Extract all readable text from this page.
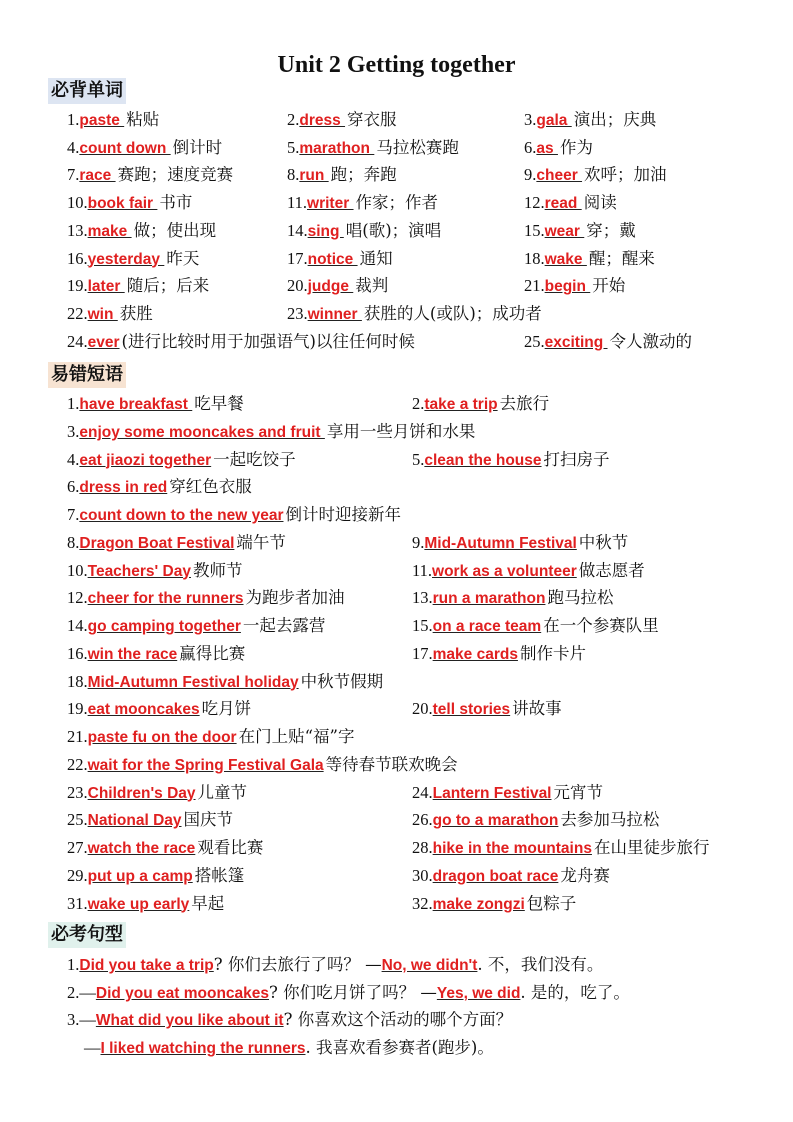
Unit 2 Getting together
必背单词
1.paste 粘贴	2.dress 穿衣服	3.gala 演出；庆典
4.count down 倒计时	5.marathon 马拉松赛跑	6.as 作为
7.race 赛跑；速度竞赛	8.run 跑；奔跑	9.cheer 欢呼；加油
10.book fair 书市	11.writer 作家；作者	12.read 阅读
13.make 做；使出现	14.sing 唱(歌)；演唱	15.wear 穿；戴
16.yesterday 昨天	17.notice 通知	18.wake 醒；醒来
19.later 随后；后来	20.judge 裁判	21.begin 开始
22.win 获胜	23.winner 获胜的人(或队)；成功者
24.ever (进行比较时用于加强语气)以往任何时候	25.exciting 令人激动的
易错短语
1.have breakfast 吃早餐	2.take a trip 去旅行
3.enjoy some mooncakes and fruit 享用一些月饼和水果
4.eat jiaozi together 一起吃饺子	5.clean the house 打扫房子
6.dress in red 穿红色衣服
7.count down to the new year 倒计时迎接新年
8.Dragon Boat Festival 端午节	9.Mid-Autumn Festival 中秋节
10.Teachers' Day 教师节	11.work as a volunteer 做志愿者
12.cheer for the runners 为跑步者加油	13.run a marathon 跑马拉松
14.go camping together 一起去露营	15.on a race team 在一个参赛队里
16.win the race 赢得比赛	17.make cards 制作卡片
18.Mid-Autumn Festival holiday 中秋节假期
19.eat mooncakes 吃月饼	20.tell stories 讲故事
21.paste fu on the door 在门上贴“福”字
22.wait for the Spring Festival Gala 等待春节联欢晚会
23.Children's Day 儿童节	24.Lantern Festival 元宵节
25.National Day 国庆节	26.go to a marathon 去参加马拉松
27.watch the race 观看比赛	28.hike in the mountains 在山里徒步旅行
29.put up a camp 搭帐篷	30.dragon boat race 龙舟赛
31.wake up early 早起	32.make zongzi 包粽子
必考句型
1.Did you take a trip? 你们去旅行了吗？ —No, we didn't. 不，我们没有。
2.—Did you eat mooncakes? 你们吃月饼了吗？ —Yes, we did. 是的，吃了。
3.—What did you like about it? 你喜欢这个活动的哪个方面？
—I liked watching the runners. 我喜欢看参赛者(跑步)。
